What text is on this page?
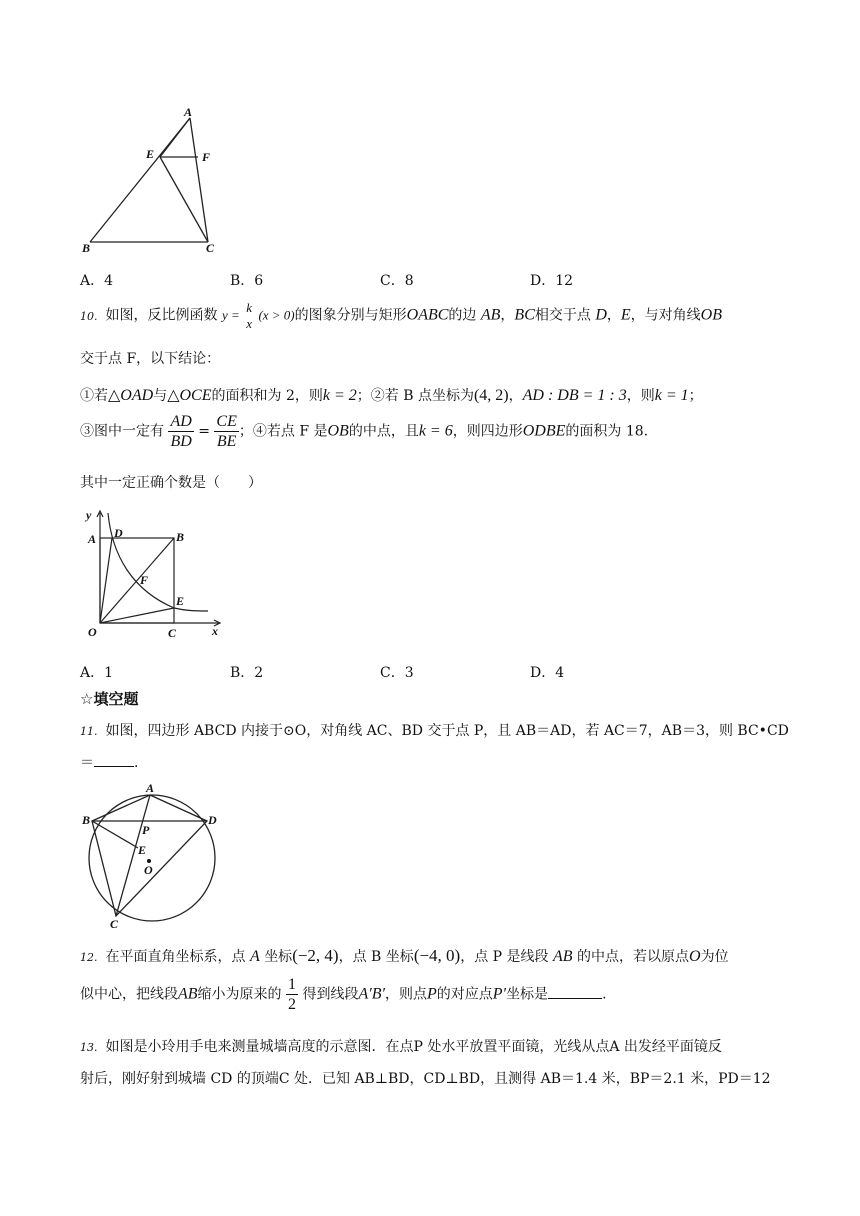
A
E	F
B	C
A．4	B．6	C．8	D．12
10. 如图，反比例函数 y =
k
x
(x > 0)的图象分别与矩形OABC的边 AB，BC相交于点 D，E，与对角线OB
交于点 F，以下结论：
①若△OAD与△OCE的面积和为 2，则k = 2；②若 B 点坐标为(4, 2)，AD : DB = 1 : 3，则k = 1；
③图中一定有 $\frac{AD}{BD} = \frac{CE}{BE}$ ；④若点 F 是OB的中点，且k = 6，则四边形ODBE的面积为 18.
其中一定正确个数是（　　）
y
A D	B
F
E
O	C	x
A．1	B．2	C．3	D．4
☆填空题
11. 如图，四边形 ABCD 内接于⊙O，对角线 AC、BD 交于点 P，且 AB＝AD，若 AC＝7，AB＝3，则 BC•CD
＝	.
A
B	D
P
E
O
C
12. 在平面直角坐标系，点 A 坐标(−2, 4)，点 B 坐标(−4, 0)，点 P 是线段 AB 的中点，若以原点O为位
似中心，把线段AB缩小为原来的 $\frac{1}{2}$ 得到线段A′B′，则点P的对应点P′坐标是	.
13. 如图是小玲用手电来测量城墙高度的示意图．在点P 处水平放置平面镜，光线从点A 出发经平面镜反
射后，刚好射到城墙 CD 的顶端C 处．已知 AB⊥BD，CD⊥BD，且测得 AB＝1.4 米，BP＝2.1 米，PD＝12
